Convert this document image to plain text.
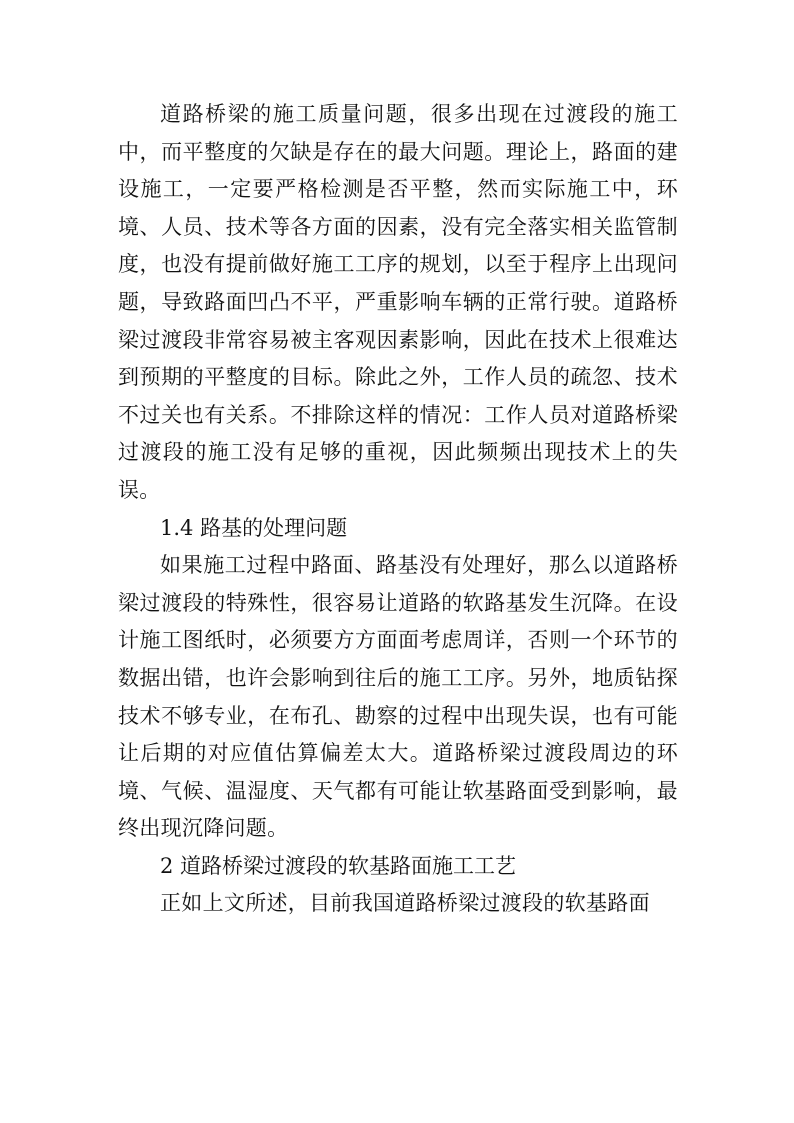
道路桥梁的施工质量问题，很多出现在过渡段的施工中，而平整度的欠缺是存在的最大问题。理论上，路面的建设施工，一定要严格检测是否平整，然而实际施工中，环境、人员、技术等各方面的因素，没有完全落实相关监管制度，也没有提前做好施工工序的规划，以至于程序上出现问题，导致路面凹凸不平，严重影响车辆的正常行驶。道路桥梁过渡段非常容易被主客观因素影响，因此在技术上很难达到预期的平整度的目标。除此之外，工作人员的疏忽、技术不过关也有关系。不排除这样的情况：工作人员对道路桥梁过渡段的施工没有足够的重视，因此频频出现技术上的失误。

1.4 路基的处理问题

如果施工过程中路面、路基没有处理好，那么以道路桥梁过渡段的特殊性，很容易让道路的软路基发生沉降。在设计施工图纸时，必须要方方面面考虑周详，否则一个环节的数据出错，也许会影响到往后的施工工序。另外，地质钻探技术不够专业，在布孔、勘察的过程中出现失误，也有可能让后期的对应值估算偏差太大。道路桥梁过渡段周边的环境、气候、温湿度、天气都有可能让软基路面受到影响，最终出现沉降问题。

2 道路桥梁过渡段的软基路面施工工艺

正如上文所述，目前我国道路桥梁过渡段的软基路面
